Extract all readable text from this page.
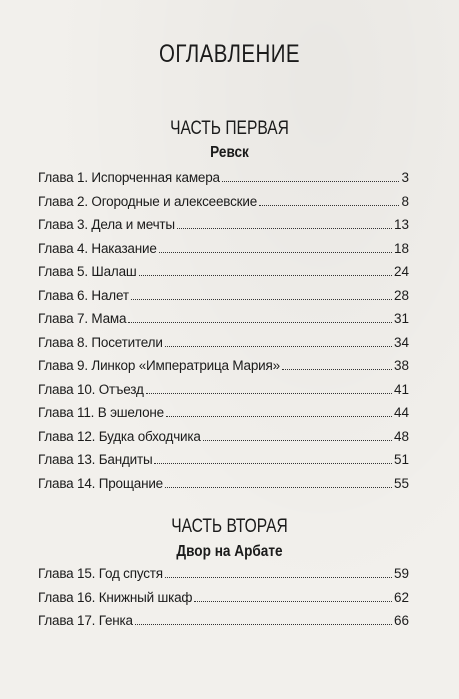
ОГЛАВЛЕНИЕ
ЧАСТЬ ПЕРВАЯ
Ревск
Глава 1. Испорченная камера	3
Глава 2. Огородные и алексеевские	8
Глава 3. Дела и мечты	13
Глава 4. Наказание	18
Глава 5. Шалаш	24
Глава 6. Налет	28
Глава 7. Мама	31
Глава 8. Посетители	34
Глава 9. Линкор «Императрица Мария»	38
Глава 10. Отъезд	41
Глава 11. В эшелоне	44
Глава 12. Будка обходчика	48
Глава 13. Бандиты	51
Глава 14. Прощание	55
ЧАСТЬ ВТОРАЯ
Двор на Арбате
Глава 15. Год спустя	59
Глава 16. Книжный шкаф	62
Глава 17. Генка	66
